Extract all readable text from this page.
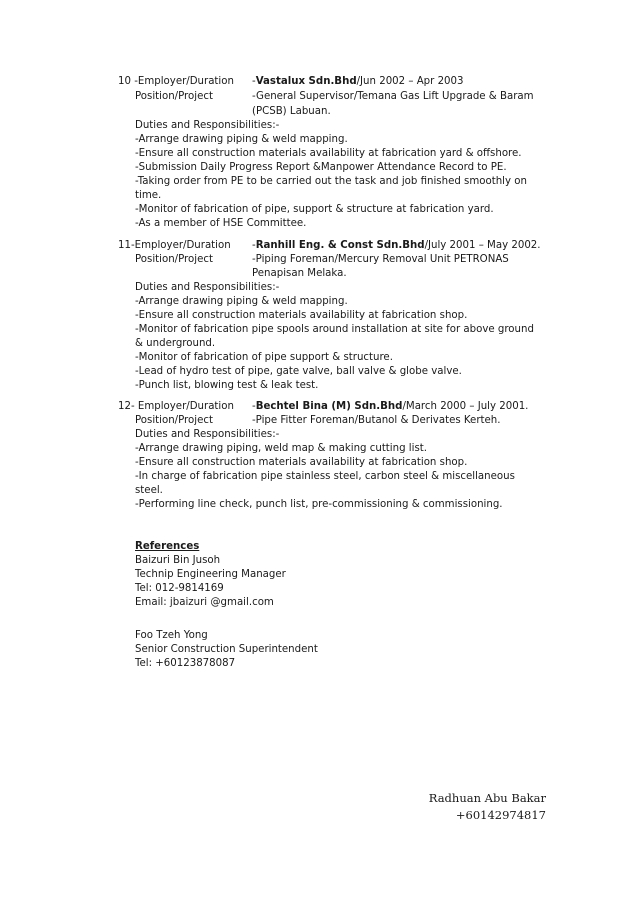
10 -Employer/Duration -Vastalux Sdn.Bhd/Jun 2002 – Apr 2003
Position/Project	-General Supervisor/Temana Gas Lift Upgrade & Baram
(PCSB) Labuan.
Duties and Responsibilities:-
-Arrange drawing piping & weld mapping.
-Ensure all construction materials availability at fabrication yard & offshore.
-Submission Daily Progress Report &Manpower Attendance Record to PE.
-Taking order from PE to be carried out the task and job finished smoothly on
time.
-Monitor of fabrication of pipe, support & structure at fabrication yard.
-As a member of HSE Committee.
11-Employer/Duration -Ranhill Eng. & Const Sdn.Bhd/July 2001 – May 2002.
Position/Project	-Piping Foreman/Mercury Removal Unit PETRONAS
Penapisan Melaka.
Duties and Responsibilities:-
-Arrange drawing piping & weld mapping.
-Ensure all construction materials availability at fabrication shop.
-Monitor of fabrication pipe spools around installation at site for above ground
& underground.
-Monitor of fabrication of pipe support & structure.
-Lead of hydro test of pipe, gate valve, ball valve & globe valve.
-Punch list, blowing test & leak test.
12- Employer/Duration -Bechtel Bina (M) Sdn.Bhd/March 2000 – July 2001.
Position/Project	-Pipe Fitter Foreman/Butanol & Derivates Kerteh.
Duties and Responsibilities:-
-Arrange drawing piping, weld map & making cutting list.
-Ensure all construction materials availability at fabrication shop.
-In charge of fabrication pipe stainless steel, carbon steel & miscellaneous
steel.
-Performing line check, punch list, pre-commissioning & commissioning.
References
Baizuri Bin Jusoh
Technip Engineering Manager
Tel: 012-9814169
Email: jbaizuri @gmail.com
Foo Tzeh Yong
Senior Construction Superintendent
Tel: +60123878087
Radhuan Abu Bakar
+60142974817
